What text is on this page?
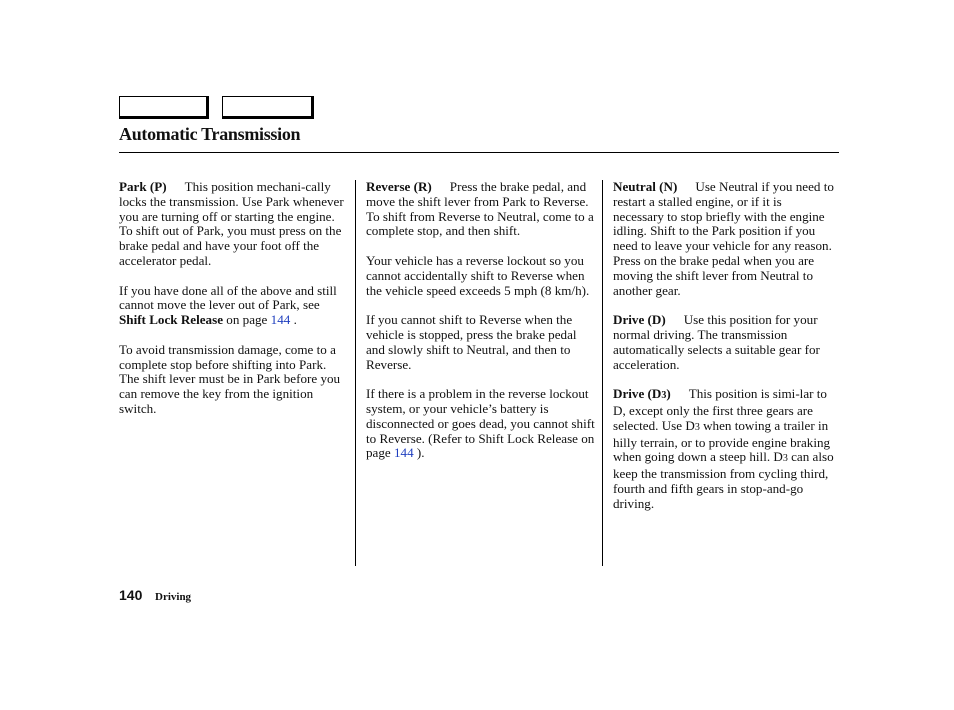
Automatic Transmission

Park (P) This position mechani-cally locks the transmission. Use Park whenever you are turning off or starting the engine. To shift out of Park, you must press on the brake pedal and have your foot off the accelerator pedal.

If you have done all of the above and still cannot move the lever out of Park, see Shift Lock Release on page 144 .

To avoid transmission damage, come to a complete stop before shifting into Park. The shift lever must be in Park before you can remove the key from the ignition switch.

Reverse (R) Press the brake pedal, and move the shift lever from Park to Reverse. To shift from Reverse to Neutral, come to a complete stop, and then shift.

Your vehicle has a reverse lockout so you cannot accidentally shift to Reverse when the vehicle speed exceeds 5 mph (8 km/h).

If you cannot shift to Reverse when the vehicle is stopped, press the brake pedal and slowly shift to Neutral, and then to Reverse.

If there is a problem in the reverse lockout system, or your vehicle’s battery is disconnected or goes dead, you cannot shift to Reverse. (Refer to Shift Lock Release on page 144 ).

Neutral (N) Use Neutral if you need to restart a stalled engine, or if it is necessary to stop briefly with the engine idling. Shift to the Park position if you need to leave your vehicle for any reason. Press on the brake pedal when you are moving the shift lever from Neutral to another gear.

Drive (D) Use this position for your normal driving. The transmission automatically selects a suitable gear for acceleration.

Drive (D3) This position is simi-lar to D, except only the first three gears are selected. Use D3 when towing a trailer in hilly terrain, or to provide engine braking when going down a steep hill. D3 can also keep the transmission from cycling third, fourth and fifth gears in stop-and-go driving.

140 Driving
